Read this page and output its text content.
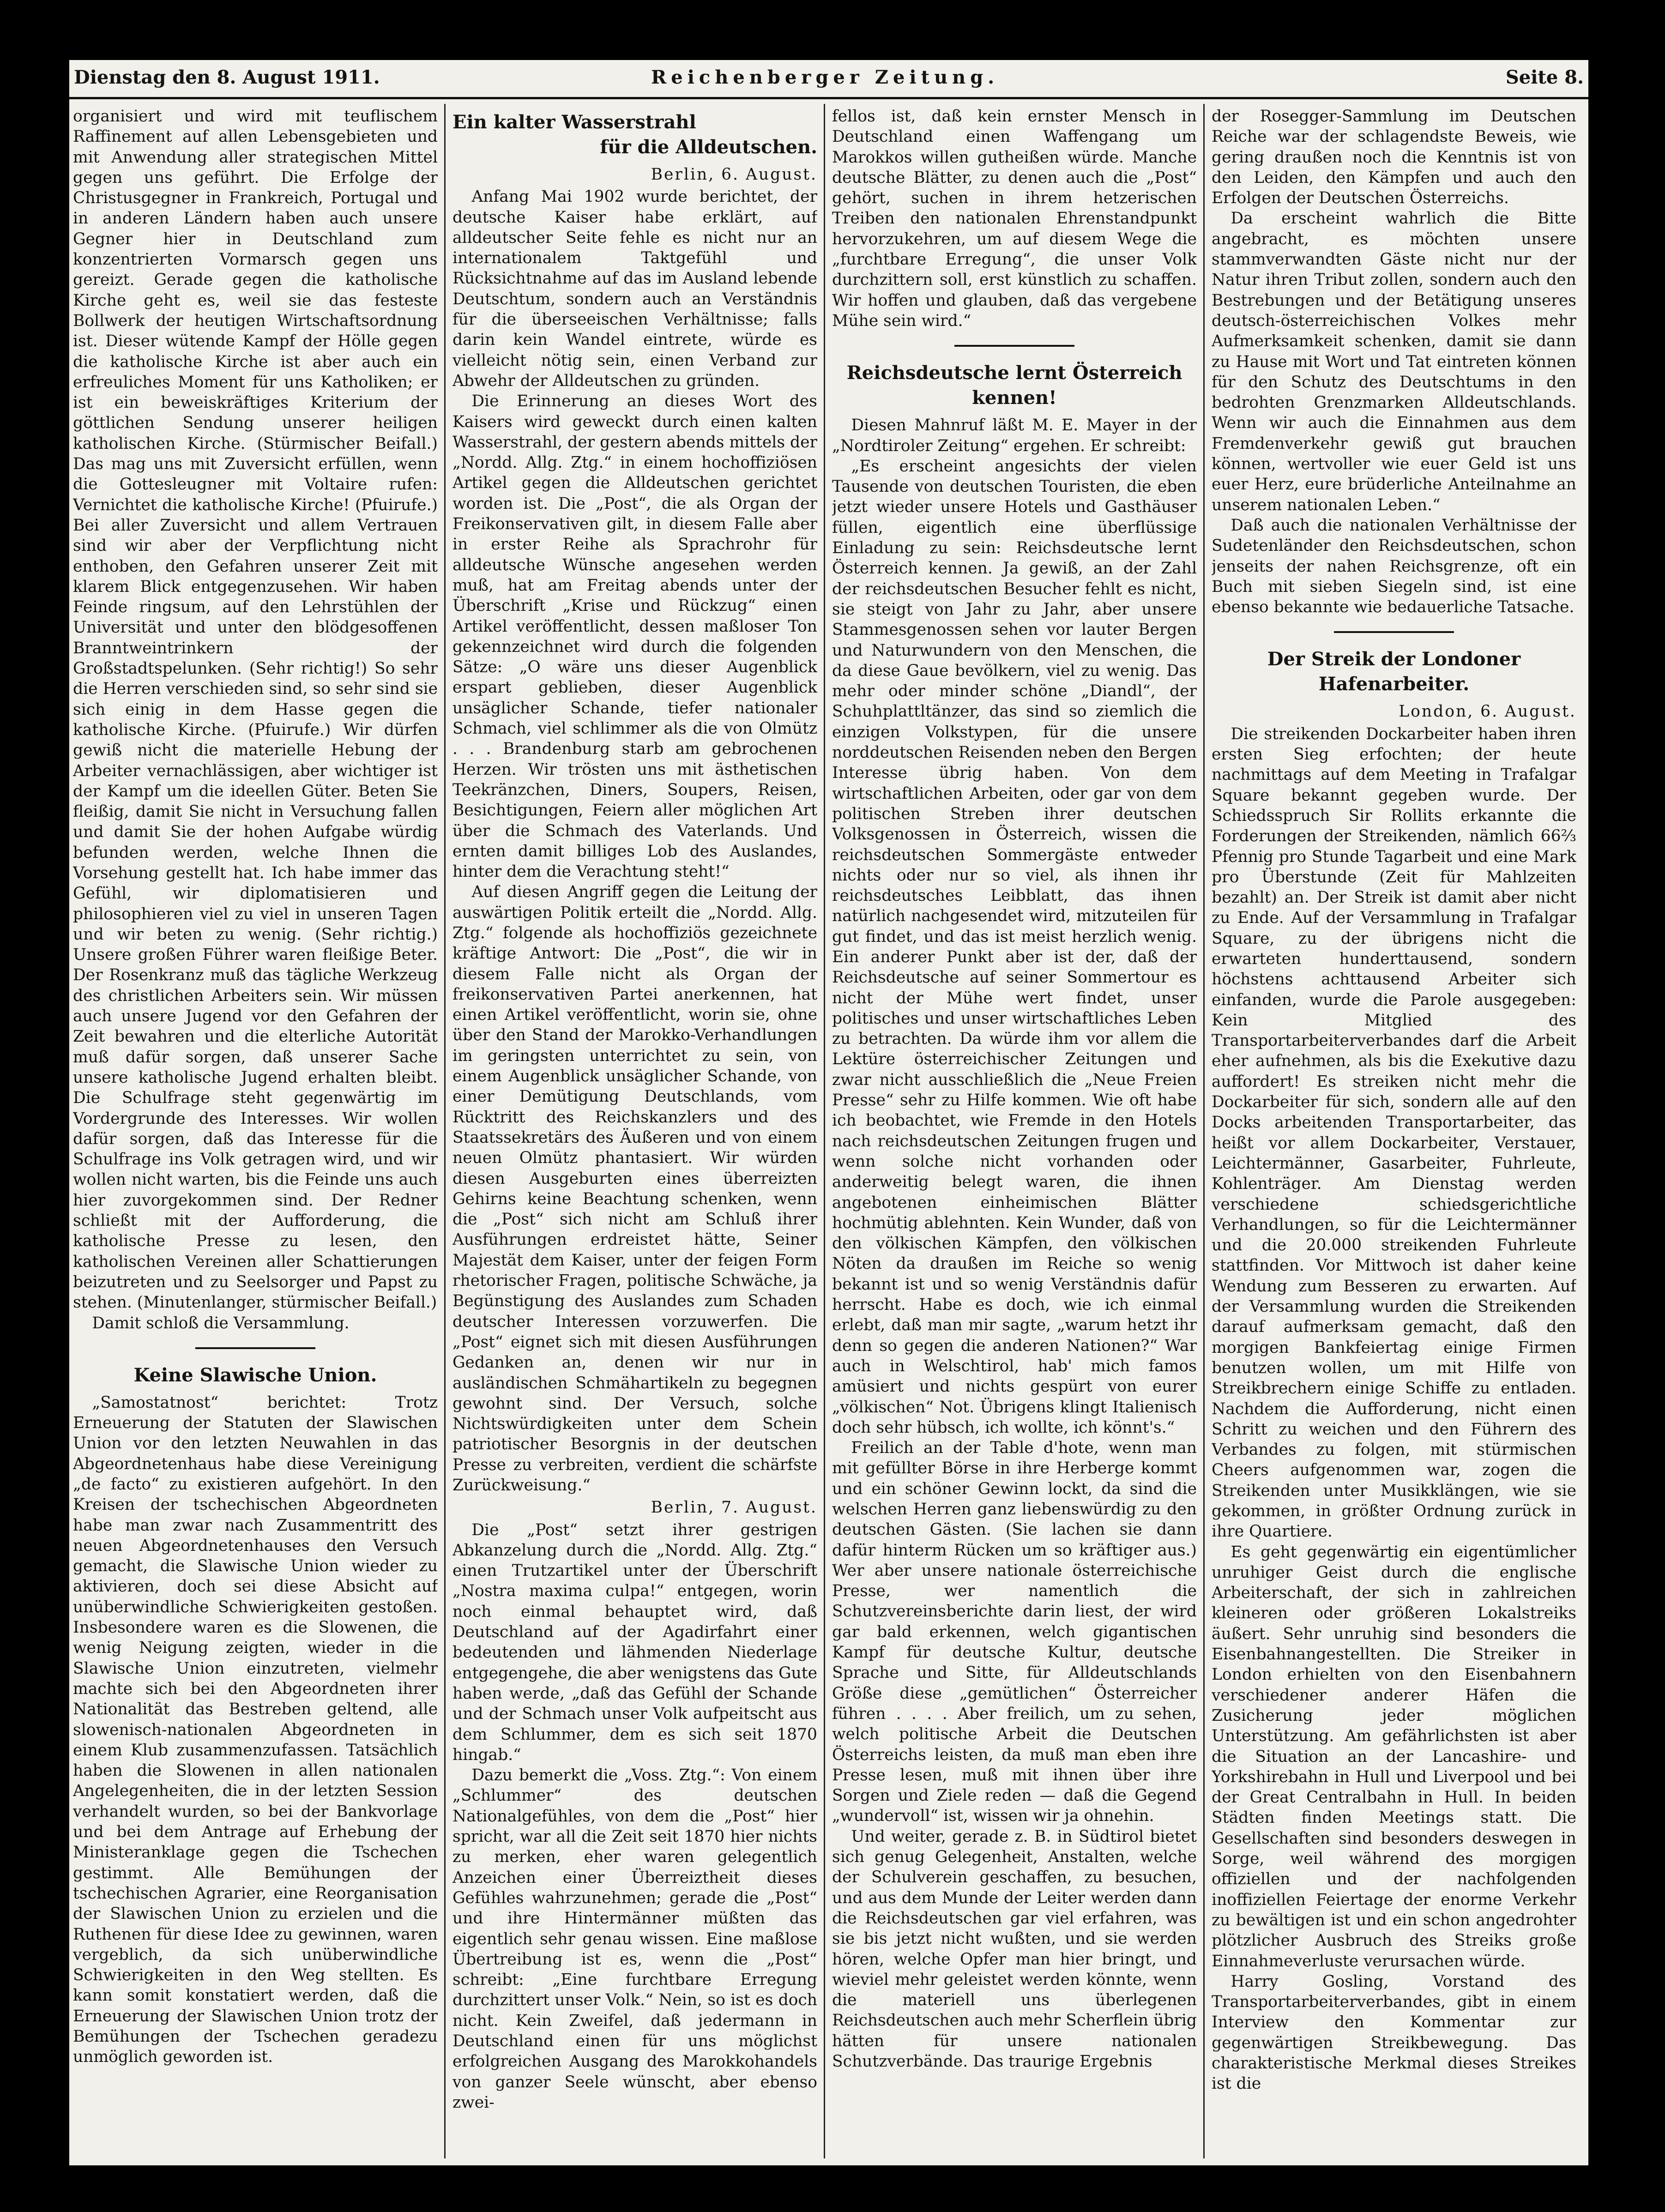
Dienstag den 8. August 1911.	Reichenberger Zeitung.	Seite 8.

organisiert und wird mit teuflischem Raffinement auf allen Lebensgebieten und mit Anwendung aller strategischen Mittel gegen uns geführt. Die Erfolge der Christusgegner in Frankreich, Portugal und in anderen Ländern haben auch unsere Gegner hier in Deutschland zum konzentrierten Vormarsch gegen uns gereizt. Gerade gegen die katholische Kirche geht es, weil sie das festeste Bollwerk der heutigen Wirtschaftsordnung ist. Dieser wütende Kampf der Hölle gegen die katholische Kirche ist aber auch ein erfreuliches Moment für uns Katholiken; er ist ein beweiskräftiges Kriterium der göttlichen Sendung unserer heiligen katholischen Kirche. (Stürmischer Beifall.) Das mag uns mit Zuversicht erfüllen, wenn die Gottesleugner mit Voltaire rufen: Vernichtet die katholische Kirche! (Pfuirufe.) Bei aller Zuversicht und allem Vertrauen sind wir aber der Verpflichtung nicht enthoben, den Gefahren unserer Zeit mit klarem Blick entgegenzusehen. Wir haben Feinde ringsum, auf den Lehrstühlen der Universität und unter den blödgesoffenen Branntweintrinkern der Großstadtspelunken. (Sehr richtig!) So sehr die Herren verschieden sind, so sehr sind sie sich einig in dem Hasse gegen die katholische Kirche. (Pfuirufe.) Wir dürfen gewiß nicht die materielle Hebung der Arbeiter vernachlässigen, aber wichtiger ist der Kampf um die ideellen Güter. Beten Sie fleißig, damit Sie nicht in Versuchung fallen und damit Sie der hohen Aufgabe würdig befunden werden, welche Ihnen die Vorsehung gestellt hat. Ich habe immer das Gefühl, wir diplomatisieren und philosophieren viel zu viel in unseren Tagen und wir beten zu wenig. (Sehr richtig.) Unsere großen Führer waren fleißige Beter. Der Rosenkranz muß das tägliche Werkzeug des christlichen Arbeiters sein. Wir müssen auch unsere Jugend vor den Gefahren der Zeit bewahren und die elterliche Autorität muß dafür sorgen, daß unserer Sache unsere katholische Jugend erhalten bleibt. Die Schulfrage steht gegenwärtig im Vordergrunde des Interesses. Wir wollen dafür sorgen, daß das Interesse für die Schulfrage ins Volk getragen wird, und wir wollen nicht warten, bis die Feinde uns auch hier zuvorgekommen sind. Der Redner schließt mit der Aufforderung, die katholische Presse zu lesen, den katholischen Vereinen aller Schattierungen beizutreten und zu Seelsorger und Papst zu stehen. (Minutenlanger, stürmischer Beifall.)

Damit schloß die Versammlung.

Keine Slawische Union.

„Samostatnost“ berichtet: Trotz Erneuerung der Statuten der Slawischen Union vor den letzten Neuwahlen in das Abgeordnetenhaus habe diese Vereinigung „de facto“ zu existieren aufgehört. In den Kreisen der tschechischen Abgeordneten habe man zwar nach Zusammentritt des neuen Abgeordnetenhauses den Versuch gemacht, die Slawische Union wieder zu aktivieren, doch sei diese Absicht auf unüberwindliche Schwierigkeiten gestoßen. Insbesondere waren es die Slowenen, die wenig Neigung zeigten, wieder in die Slawische Union einzutreten, vielmehr machte sich bei den Abgeordneten ihrer Nationalität das Bestreben geltend, alle slowenisch-nationalen Abgeordneten in einem Klub zusammenzufassen. Tatsächlich haben die Slowenen in allen nationalen Angelegenheiten, die in der letzten Session verhandelt wurden, so bei der Bankvorlage und bei dem Antrage auf Erhebung der Ministeranklage gegen die Tschechen gestimmt. Alle Bemühungen der tschechischen Agrarier, eine Reorganisation der Slawischen Union zu erzielen und die Ruthenen für diese Idee zu gewinnen, waren vergeblich, da sich unüberwindliche Schwierigkeiten in den Weg stellten. Es kann somit konstatiert werden, daß die Erneuerung der Slawischen Union trotz der Bemühungen der Tschechen geradezu unmöglich geworden ist.

Ein kalter Wasserstrahl
für die Alldeutschen.
Berlin, 6. August.

Anfang Mai 1902 wurde berichtet, der deutsche Kaiser habe erklärt, auf alldeutscher Seite fehle es nicht nur an internationalem Taktgefühl und Rücksichtnahme auf das im Ausland lebende Deutschtum, sondern auch an Verständnis für die überseeischen Verhältnisse; falls darin kein Wandel eintrete, würde es vielleicht nötig sein, einen Verband zur Abwehr der Alldeutschen zu gründen.

Die Erinnerung an dieses Wort des Kaisers wird geweckt durch einen kalten Wasserstrahl, der gestern abends mittels der „Nordd. Allg. Ztg.“ in einem hochoffiziösen Artikel gegen die Alldeutschen gerichtet worden ist. Die „Post“, die als Organ der Freikonservativen gilt, in diesem Falle aber in erster Reihe als Sprachrohr für alldeutsche Wünsche angesehen werden muß, hat am Freitag abends unter der Überschrift „Krise und Rückzug“ einen Artikel veröffentlicht, dessen maßloser Ton gekennzeichnet wird durch die folgenden Sätze: „O wäre uns dieser Augenblick erspart geblieben, dieser Augenblick unsäglicher Schande, tiefer nationaler Schmach, viel schlimmer als die von Olmütz . . . Brandenburg starb am gebrochenen Herzen. Wir trösten uns mit ästhetischen Teekränzchen, Diners, Soupers, Reisen, Besichtigungen, Feiern aller möglichen Art über die Schmach des Vaterlands. Und ernten damit billiges Lob des Auslandes, hinter dem die Verachtung steht!“

Auf diesen Angriff gegen die Leitung der auswärtigen Politik erteilt die „Nordd. Allg. Ztg.“ folgende als hochoffiziös gezeichnete kräftige Antwort: Die „Post“, die wir in diesem Falle nicht als Organ der freikonservativen Partei anerkennen, hat einen Artikel veröffentlicht, worin sie, ohne über den Stand der Marokko-Verhandlungen im geringsten unterrichtet zu sein, von einem Augenblick unsäglicher Schande, von einer Demütigung Deutschlands, vom Rücktritt des Reichskanzlers und des Staatssekretärs des Äußeren und von einem neuen Olmütz phantasiert. Wir würden diesen Ausgeburten eines überreizten Gehirns keine Beachtung schenken, wenn die „Post“ sich nicht am Schluß ihrer Ausführungen erdreistet hätte, Seiner Majestät dem Kaiser, unter der feigen Form rhetorischer Fragen, politische Schwäche, ja Begünstigung des Auslandes zum Schaden deutscher Interessen vorzuwerfen. Die „Post“ eignet sich mit diesen Ausführungen Gedanken an, denen wir nur in ausländischen Schmähartikeln zu begegnen gewohnt sind. Der Versuch, solche Nichtswürdigkeiten unter dem Schein patriotischer Besorgnis in der deutschen Presse zu verbreiten, verdient die schärfste Zurückweisung.“

Berlin, 7. August.

Die „Post“ setzt ihrer gestrigen Abkanzelung durch die „Nordd. Allg. Ztg.“ einen Trutzartikel unter der Überschrift „Nostra maxima culpa!“ entgegen, worin noch einmal behauptet wird, daß Deutschland auf der Agadirfahrt einer bedeutenden und lähmenden Niederlage entgegengehe, die aber wenigstens das Gute haben werde, „daß das Gefühl der Schande und der Schmach unser Volk aufpeitscht aus dem Schlummer, dem es sich seit 1870 hingab.“

Dazu bemerkt die „Voss. Ztg.“: Von einem „Schlummer“ des deutschen Nationalgefühles, von dem die „Post“ hier spricht, war all die Zeit seit 1870 hier nichts zu merken, eher waren gelegentlich Anzeichen einer Überreiztheit dieses Gefühles wahrzunehmen; gerade die „Post“ und ihre Hintermänner müßten das eigentlich sehr genau wissen. Eine maßlose Übertreibung ist es, wenn die „Post“ schreibt: „Eine furchtbare Erregung durchzittert unser Volk.“ Nein, so ist es doch nicht. Kein Zweifel, daß jedermann in Deutschland einen für uns möglichst erfolgreichen Ausgang des Marokkohandels von ganzer Seele wünscht, aber ebenso zwei-

fellos ist, daß kein ernster Mensch in Deutschland einen Waffengang um Marokkos willen gutheißen würde. Manche deutsche Blätter, zu denen auch die „Post“ gehört, suchen in ihrem hetzerischen Treiben den nationalen Ehrenstandpunkt hervorzukehren, um auf diesem Wege die „furchtbare Erregung“, die unser Volk durchzittern soll, erst künstlich zu schaffen. Wir hoffen und glauben, daß das vergebene Mühe sein wird.“

Reichsdeutsche lernt Österreich kennen!

Diesen Mahnruf läßt M. E. Mayer in der „Nordtiroler Zeitung“ ergehen. Er schreibt:

„Es erscheint angesichts der vielen Tausende von deutschen Touristen, die eben jetzt wieder unsere Hotels und Gasthäuser füllen, eigentlich eine überflüssige Einladung zu sein: Reichsdeutsche lernt Österreich kennen. Ja gewiß, an der Zahl der reichsdeutschen Besucher fehlt es nicht, sie steigt von Jahr zu Jahr, aber unsere Stammesgenossen sehen vor lauter Bergen und Naturwundern von den Menschen, die da diese Gaue bevölkern, viel zu wenig. Das mehr oder minder schöne „Diandl“, der Schuhplattltänzer, das sind so ziemlich die einzigen Volkstypen, für die unsere norddeutschen Reisenden neben den Bergen Interesse übrig haben. Von dem wirtschaftlichen Arbeiten, oder gar von dem politischen Streben ihrer deutschen Volksgenossen in Österreich, wissen die reichsdeutschen Sommergäste entweder nichts oder nur so viel, als ihnen ihr reichsdeutsches Leibblatt, das ihnen natürlich nachgesendet wird, mitzuteilen für gut findet, und das ist meist herzlich wenig. Ein anderer Punkt aber ist der, daß der Reichsdeutsche auf seiner Sommertour es nicht der Mühe wert findet, unser politisches und unser wirtschaftliches Leben zu betrachten. Da würde ihm vor allem die Lektüre österreichischer Zeitungen und zwar nicht ausschließlich die „Neue Freien Presse“ sehr zu Hilfe kommen. Wie oft habe ich beobachtet, wie Fremde in den Hotels nach reichsdeutschen Zeitungen frugen und wenn solche nicht vorhanden oder anderweitig belegt waren, die ihnen angebotenen einheimischen Blätter hochmütig ablehnten. Kein Wunder, daß von den völkischen Kämpfen, den völkischen Nöten da draußen im Reiche so wenig bekannt ist und so wenig Verständnis dafür herrscht. Habe es doch, wie ich einmal erlebt, daß man mir sagte, „warum hetzt ihr denn so gegen die anderen Nationen?“ War auch in Welschtirol, hab' mich famos amüsiert und nichts gespürt von eurer „völkischen“ Not. Übrigens klingt Italienisch doch sehr hübsch, ich wollte, ich könnt's.“

Freilich an der Table d'hote, wenn man mit gefüllter Börse in ihre Herberge kommt und ein schöner Gewinn lockt, da sind die welschen Herren ganz liebenswürdig zu den deutschen Gästen. (Sie lachen sie dann dafür hinterm Rücken um so kräftiger aus.) Wer aber unsere nationale österreichische Presse, wer namentlich die Schutzvereinsberichte darin liest, der wird gar bald erkennen, welch gigantischen Kampf für deutsche Kultur, deutsche Sprache und Sitte, für Alldeutschlands Größe diese „gemütlichen“ Österreicher führen . . . . Aber freilich, um zu sehen, welch politische Arbeit die Deutschen Österreichs leisten, da muß man eben ihre Presse lesen, muß mit ihnen über ihre Sorgen und Ziele reden — daß die Gegend „wundervoll“ ist, wissen wir ja ohnehin.

Und weiter, gerade z. B. in Südtirol bietet sich genug Gelegenheit, Anstalten, welche der Schulverein geschaffen, zu besuchen, und aus dem Munde der Leiter werden dann die Reichsdeutschen gar viel erfahren, was sie bis jetzt nicht wußten, und sie werden hören, welche Opfer man hier bringt, und wieviel mehr geleistet werden könnte, wenn die materiell uns überlegenen Reichsdeutschen auch mehr Scherflein übrig hätten für unsere nationalen Schutzverbände. Das traurige Ergebnis

der Rosegger-Sammlung im Deutschen Reiche war der schlagendste Beweis, wie gering draußen noch die Kenntnis ist von den Leiden, den Kämpfen und auch den Erfolgen der Deutschen Österreichs.

Da erscheint wahrlich die Bitte angebracht, es möchten unsere stammverwandten Gäste nicht nur der Natur ihren Tribut zollen, sondern auch den Bestrebungen und der Betätigung unseres deutsch-österreichischen Volkes mehr Aufmerksamkeit schenken, damit sie dann zu Hause mit Wort und Tat eintreten können für den Schutz des Deutschtums in den bedrohten Grenzmarken Alldeutschlands. Wenn wir auch die Einnahmen aus dem Fremdenverkehr gewiß gut brauchen können, wertvoller wie euer Geld ist uns euer Herz, eure brüderliche Anteilnahme an unserem nationalen Leben.“

Daß auch die nationalen Verhältnisse der Sudetenländer den Reichsdeutschen, schon jenseits der nahen Reichsgrenze, oft ein Buch mit sieben Siegeln sind, ist eine ebenso bekannte wie bedauerliche Tatsache.

Der Streik der Londoner Hafenarbeiter.
London, 6. August.

Die streikenden Dockarbeiter haben ihren ersten Sieg erfochten; der heute nachmittags auf dem Meeting in Trafalgar Square bekannt gegeben wurde. Der Schiedsspruch Sir Rollits erkannte die Forderungen der Streikenden, nämlich 66⅔ Pfennig pro Stunde Tagarbeit und eine Mark pro Überstunde (Zeit für Mahlzeiten bezahlt) an. Der Streik ist damit aber nicht zu Ende. Auf der Versammlung in Trafalgar Square, zu der übrigens nicht die erwarteten hunderttausend, sondern höchstens achttausend Arbeiter sich einfanden, wurde die Parole ausgegeben: Kein Mitglied des Transportarbeiterverbandes darf die Arbeit eher aufnehmen, als bis die Exekutive dazu auffordert! Es streiken nicht mehr die Dockarbeiter für sich, sondern alle auf den Docks arbeitenden Transportarbeiter, das heißt vor allem Dockarbeiter, Verstauer, Leichtermänner, Gasarbeiter, Fuhrleute, Kohlenträger. Am Dienstag werden verschiedene schiedsgerichtliche Verhandlungen, so für die Leichtermänner und die 20.000 streikenden Fuhrleute stattfinden. Vor Mittwoch ist daher keine Wendung zum Besseren zu erwarten. Auf der Versammlung wurden die Streikenden darauf aufmerksam gemacht, daß den morgigen Bankfeiertag einige Firmen benutzen wollen, um mit Hilfe von Streikbrechern einige Schiffe zu entladen. Nachdem die Aufforderung, nicht einen Schritt zu weichen und den Führern des Verbandes zu folgen, mit stürmischen Cheers aufgenommen war, zogen die Streikenden unter Musikklängen, wie sie gekommen, in größter Ordnung zurück in ihre Quartiere.

Es geht gegenwärtig ein eigentümlicher unruhiger Geist durch die englische Arbeiterschaft, der sich in zahlreichen kleineren oder größeren Lokalstreiks äußert. Sehr unruhig sind besonders die Eisenbahnangestellten. Die Streiker in London erhielten von den Eisenbahnern verschiedener anderer Häfen die Zusicherung jeder möglichen Unterstützung. Am gefährlichsten ist aber die Situation an der Lancashire- und Yorkshirebahn in Hull und Liverpool und bei der Great Centralbahn in Hull. In beiden Städten finden Meetings statt. Die Gesellschaften sind besonders deswegen in Sorge, weil während des morgigen offiziellen und der nachfolgenden inoffiziellen Feiertage der enorme Verkehr zu bewältigen ist und ein schon angedrohter plötzlicher Ausbruch des Streiks große Einnahmeverluste verursachen würde.

Harry Gosling, Vorstand des Transportarbeiterverbandes, gibt in einem Interview den Kommentar zur gegenwärtigen Streikbewegung. Das charakteristische Merkmal dieses Streikes ist die
